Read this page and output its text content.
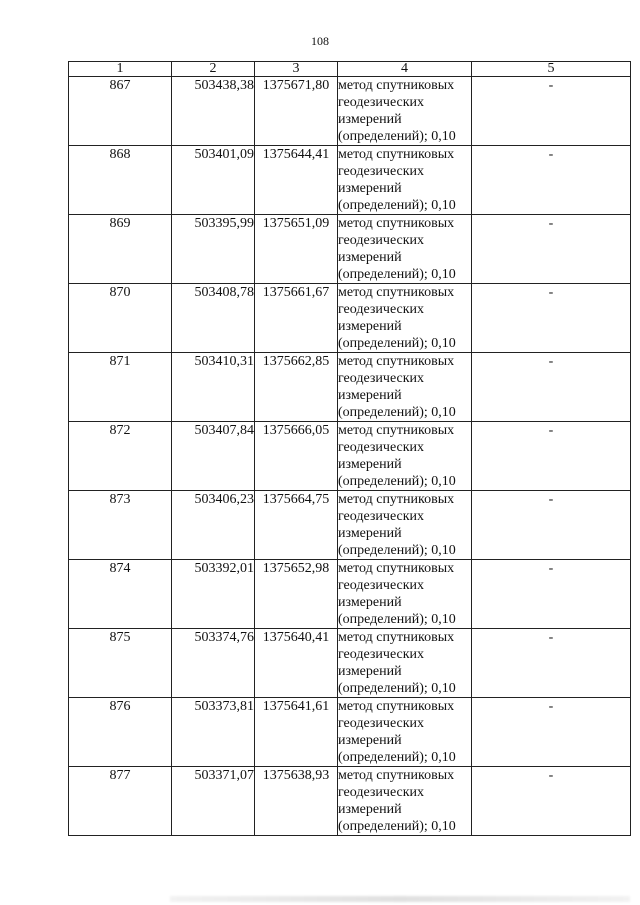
108
1	2	3	4	5
867	503438,38	1375671,80	метод спутниковых
геодезических
измерений
(определений); 0,10	-
868	503401,09	1375644,41	метод спутниковых
геодезических
измерений
(определений); 0,10	-
869	503395,99	1375651,09	метод спутниковых
геодезических
измерений
(определений); 0,10	-
870	503408,78	1375661,67	метод спутниковых
геодезических
измерений
(определений); 0,10	-
871	503410,31	1375662,85	метод спутниковых
геодезических
измерений
(определений); 0,10	-
872	503407,84	1375666,05	метод спутниковых
геодезических
измерений
(определений); 0,10	-
873	503406,23	1375664,75	метод спутниковых
геодезических
измерений
(определений); 0,10	-
874	503392,01	1375652,98	метод спутниковых
геодезических
измерений
(определений); 0,10	-
875	503374,76	1375640,41	метод спутниковых
геодезических
измерений
(определений); 0,10	-
876	503373,81	1375641,61	метод спутниковых
геодезических
измерений
(определений); 0,10	-
877	503371,07	1375638,93	метод спутниковых
геодезических
измерений
(определений); 0,10	-
